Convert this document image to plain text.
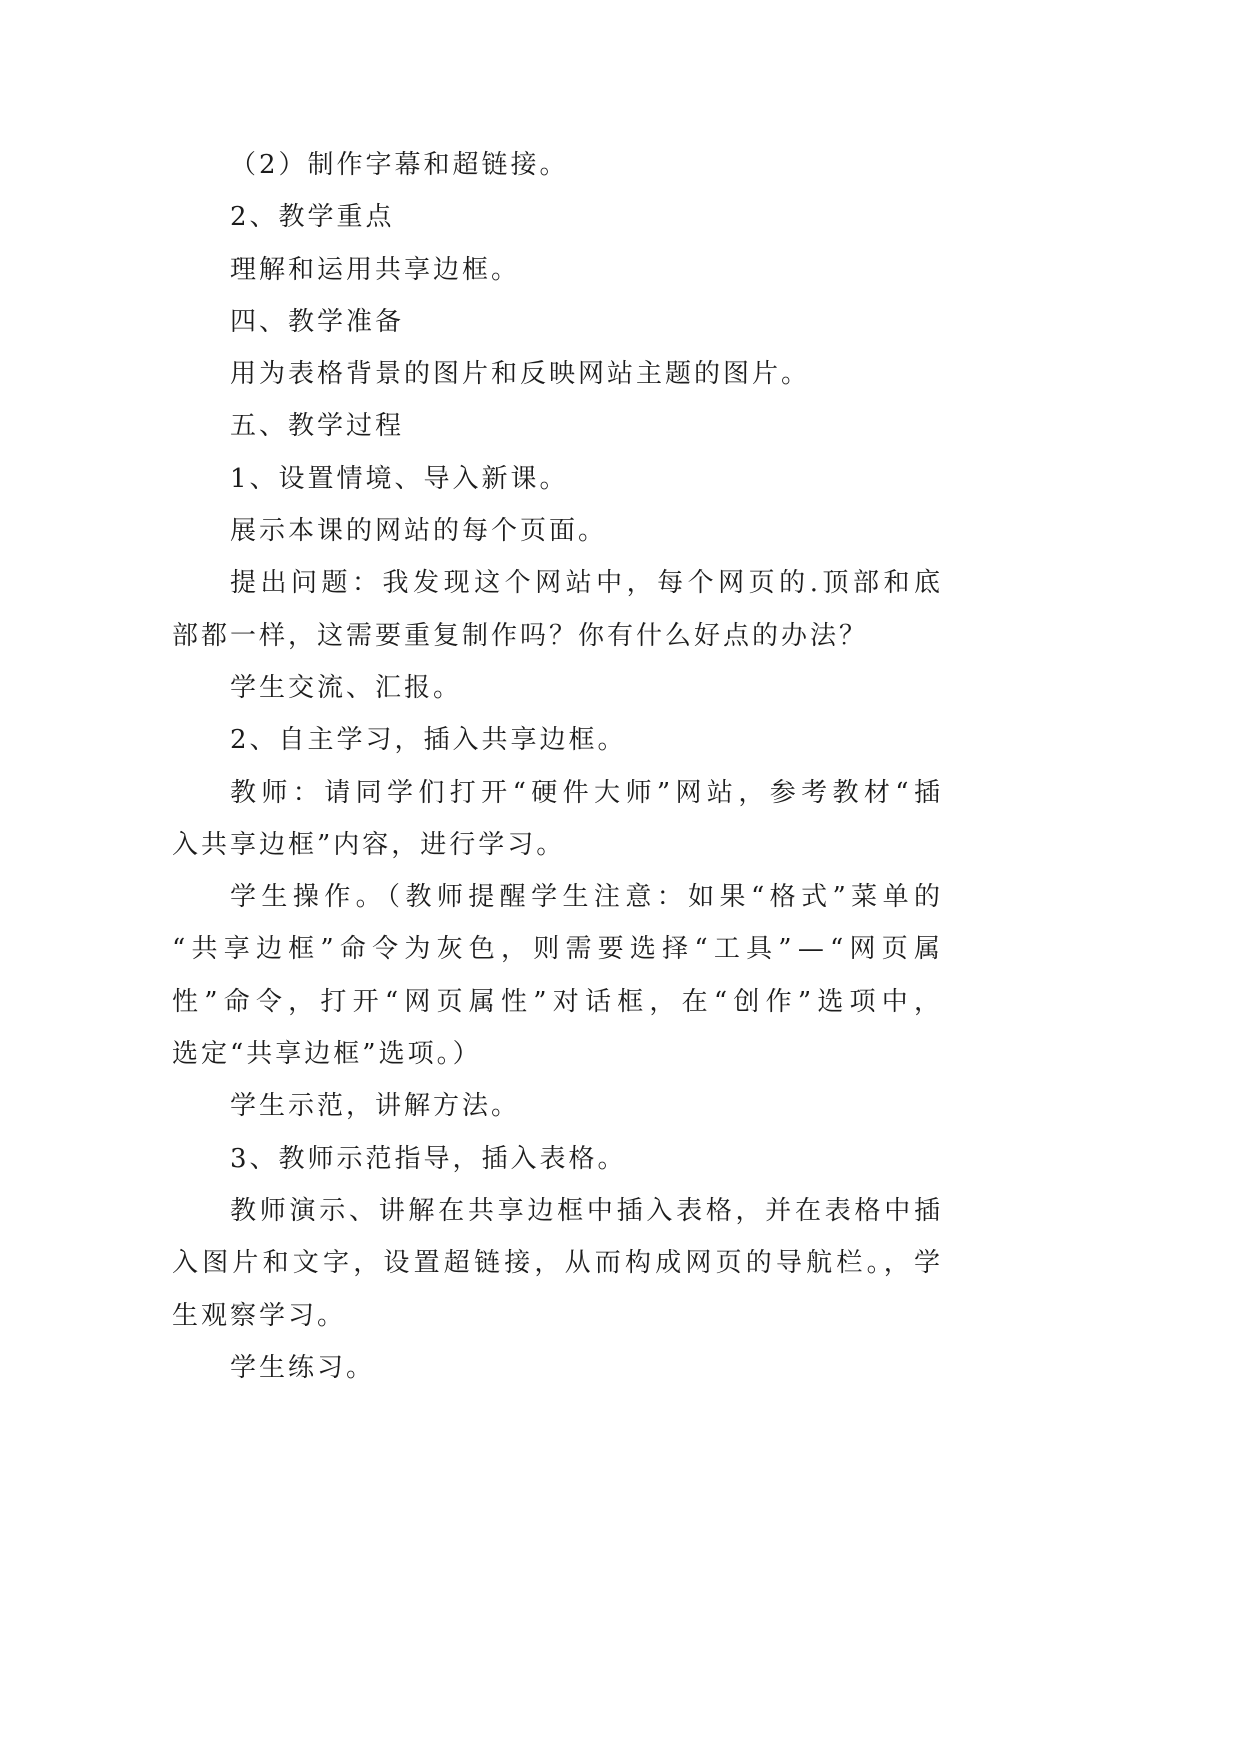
（2）制作字幕和超链接。
2、教学重点
理解和运用共享边框。
四、教学准备
用为表格背景的图片和反映网站主题的图片。
五、教学过程
1、设置情境、导入新课。
展示本课的网站的每个页面。
提出问题：我发现这个网站中，每个网页的.顶部和底
部都一样，这需要重复制作吗？你有什么好点的办法？
学生交流、汇报。
2、自主学习，插入共享边框。
教师：请同学们打开“硬件大师”网站，参考教材“插
入共享边框”内容，进行学习。
学生操作。（教师提醒学生注意：如果“格式”菜单的
“共享边框”命令为灰色，则需要选择“工具”—“网页属
性”命令，打开“网页属性”对话框，在“创作”选项中，
选定“共享边框”选项。）
学生示范，讲解方法。
3、教师示范指导，插入表格。
教师演示、讲解在共享边框中插入表格，并在表格中插
入图片和文字，设置超链接，从而构成网页的导航栏。，学
生观察学习。
学生练习。
